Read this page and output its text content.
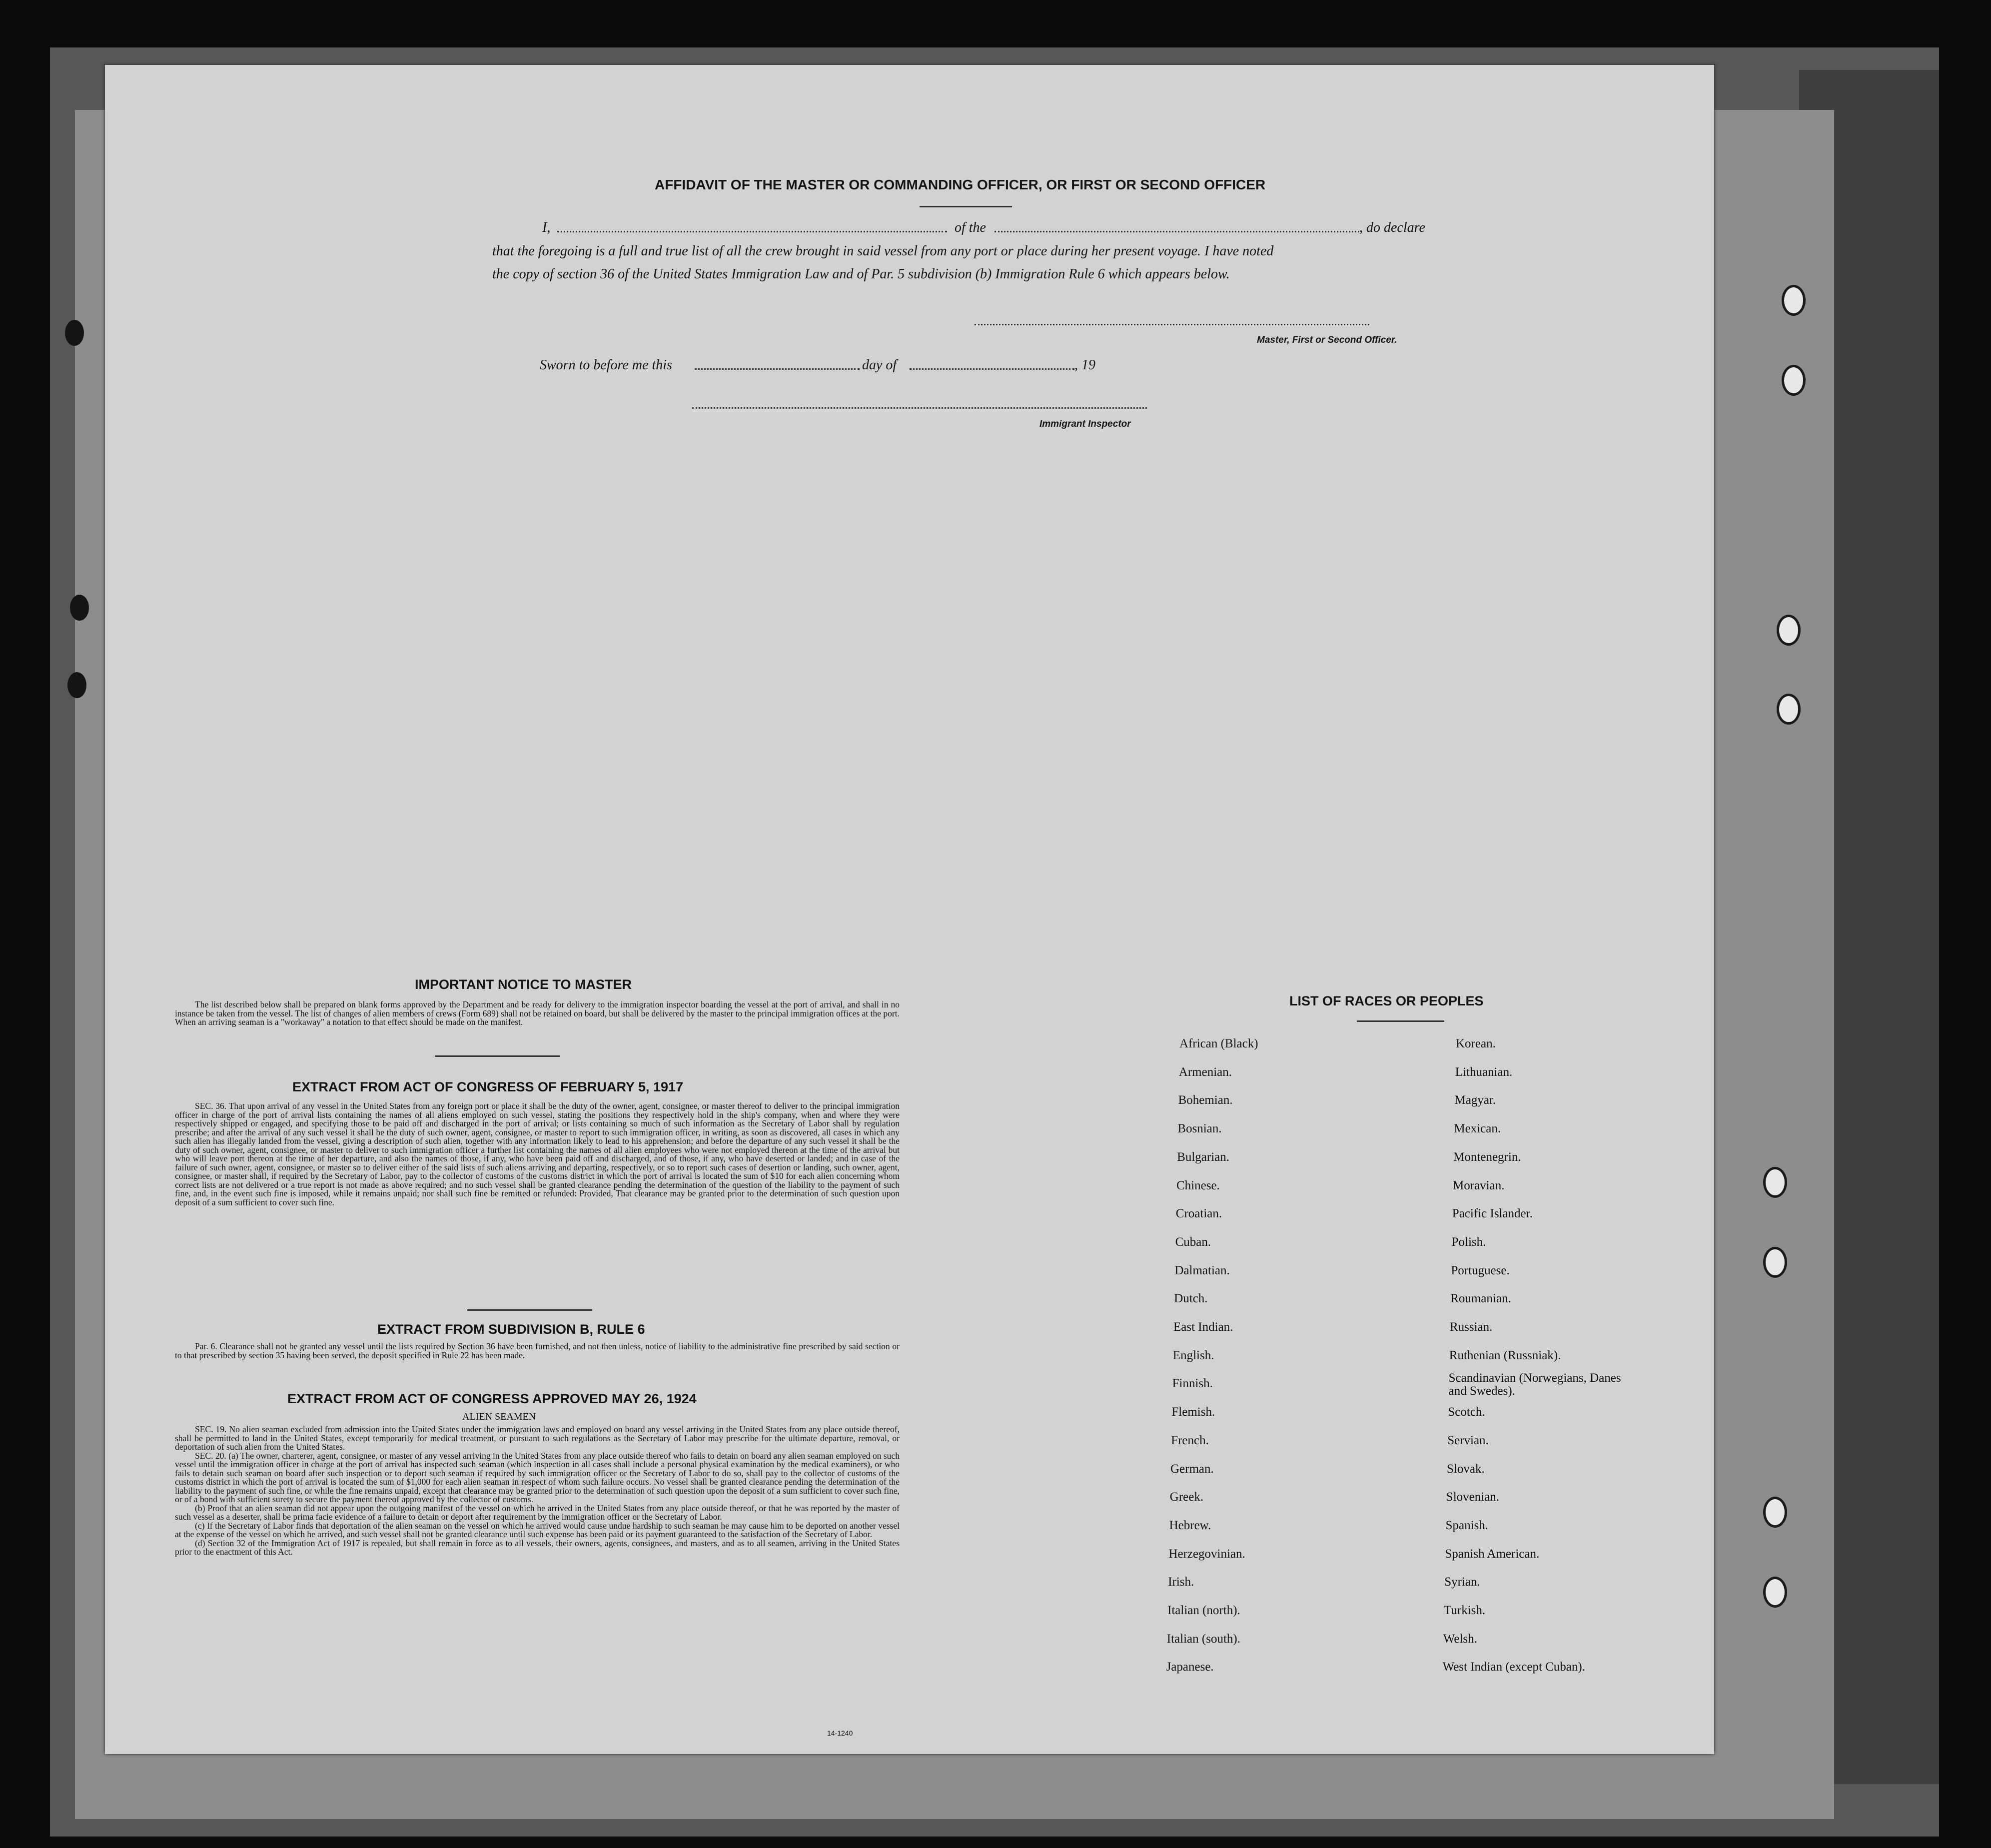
AFFIDAVIT OF THE MASTER OR COMMANDING OFFICER, OR FIRST OR SECOND OFFICER
I,	of the	, do declare
that the foregoing is a full and true list of all the crew brought in said vessel from any port or place during her present voyage. I have noted
the copy of section 36 of the United States Immigration Law and of Par. 5 subdivision (b) Immigration Rule 6 which appears below.
Master, First or Second Officer.
Sworn to before me this	day of	, 19
Immigrant Inspector
IMPORTANT NOTICE TO MASTER

The list described below shall be prepared on blank forms approved by the Department and be ready for delivery to the immigration inspector boarding the vessel at the port of arrival, and shall in no instance be taken from the vessel. The list of changes of alien members of crews (Form 689) shall not be retained on board, but shall be delivered by the master to the principal immigration offices at the port. When an arriving seaman is a "workaway" a notation to that effect should be made on the manifest.

EXTRACT FROM ACT OF CONGRESS OF FEBRUARY 5, 1917

SEC. 36. That upon arrival of any vessel in the United States from any foreign port or place it shall be the duty of the owner, agent, consignee, or master thereof to deliver to the principal immigration officer in charge of the port of arrival lists containing the names of all aliens employed on such vessel, stating the positions they respectively hold in the ship's company, when and where they were respectively shipped or engaged, and specifying those to be paid off and discharged in the port of arrival; or lists containing so much of such information as the Secretary of Labor shall by regulation prescribe; and after the arrival of any such vessel it shall be the duty of such owner, agent, consignee, or master to report to such immigration officer, in writing, as soon as discovered, all cases in which any such alien has illegally landed from the vessel, giving a description of such alien, together with any information likely to lead to his apprehension; and before the departure of any such vessel it shall be the duty of such owner, agent, consignee, or master to deliver to such immigration officer a further list containing the names of all alien employees who were not employed thereon at the time of the arrival but who will leave port thereon at the time of her departure, and also the names of those, if any, who have been paid off and discharged, and of those, if any, who have deserted or landed; and in case of the failure of such owner, agent, consignee, or master so to deliver either of the said lists of such aliens arriving and departing, respectively, or so to report such cases of desertion or landing, such owner, agent, consignee, or master shall, if required by the Secretary of Labor, pay to the collector of customs of the customs district in which the port of arrival is located the sum of $10 for each alien concerning whom correct lists are not delivered or a true report is not made as above required; and no such vessel shall be granted clearance pending the determination of the question of the liability to the payment of such fine, and, in the event such fine is imposed, while it remains unpaid; nor shall such fine be remitted or refunded: Provided, That clearance may be granted prior to the determination of such question upon deposit of a sum sufficient to cover such fine.

EXTRACT FROM SUBDIVISION B, RULE 6

Par. 6. Clearance shall not be granted any vessel until the lists required by Section 36 have been furnished, and not then unless, notice of liability to the administrative fine prescribed by said section or to that prescribed by section 35 having been served, the deposit specified in Rule 22 has been made.

EXTRACT FROM ACT OF CONGRESS APPROVED MAY 26, 1924
ALIEN SEAMEN

SEC. 19. No alien seaman excluded from admission into the United States under the immigration laws and employed on board any vessel arriving in the United States from any place outside thereof, shall be permitted to land in the United States, except temporarily for medical treatment, or pursuant to such regulations as the Secretary of Labor may prescribe for the ultimate departure, removal, or deportation of such alien from the United States.

SEC. 20. (a) The owner, charterer, agent, consignee, or master of any vessel arriving in the United States from any place outside thereof who fails to detain on board any alien seaman employed on such vessel until the immigration officer in charge at the port of arrival has inspected such seaman (which inspection in all cases shall include a personal physical examination by the medical examiners), or who fails to detain such seaman on board after such inspection or to deport such seaman if required by such immigration officer or the Secretary of Labor to do so, shall pay to the collector of customs of the customs district in which the port of arrival is located the sum of $1,000 for each alien seaman in respect of whom such failure occurs. No vessel shall be granted clearance pending the determination of the liability to the payment of such fine, or while the fine remains unpaid, except that clearance may be granted prior to the determination of such question upon the deposit of a sum sufficient to cover such fine, or of a bond with sufficient surety to secure the payment thereof approved by the collector of customs.

(b) Proof that an alien seaman did not appear upon the outgoing manifest of the vessel on which he arrived in the United States from any place outside thereof, or that he was reported by the master of such vessel as a deserter, shall be prima facie evidence of a failure to detain or deport after requirement by the immigration officer or the Secretary of Labor.

(c) If the Secretary of Labor finds that deportation of the alien seaman on the vessel on which he arrived would cause undue hardship to such seaman he may cause him to be deported on another vessel at the expense of the vessel on which he arrived, and such vessel shall not be granted clearance until such expense has been paid or its payment guaranteed to the satisfaction of the Secretary of Labor.

(d) Section 32 of the Immigration Act of 1917 is repealed, but shall remain in force as to all vessels, their owners, agents, consignees, and masters, and as to all seamen, arriving in the United States prior to the enactment of this Act.

14-1240
LIST OF RACES OR PEOPLES
African (Black)
Armenian.
Bohemian.
Bosnian.
Bulgarian.
Chinese.
Croatian.
Cuban.
Dalmatian.
Dutch.
East Indian.
English.
Finnish.
Flemish.
French.
German.
Greek.
Hebrew.
Herzegovinian.
Irish.
Italian (north).
Italian (south).
Japanese.
Korean.
Lithuanian.
Magyar.
Mexican.
Montenegrin.
Moravian.
Pacific Islander.
Polish.
Portuguese.
Roumanian.
Russian.
Ruthenian (Russniak).
Scandinavian (Norwegians, Danes and Swedes).
Scotch.
Servian.
Slovak.
Slovenian.
Spanish.
Spanish American.
Syrian.
Turkish.
Welsh.
West Indian (except Cuban).
